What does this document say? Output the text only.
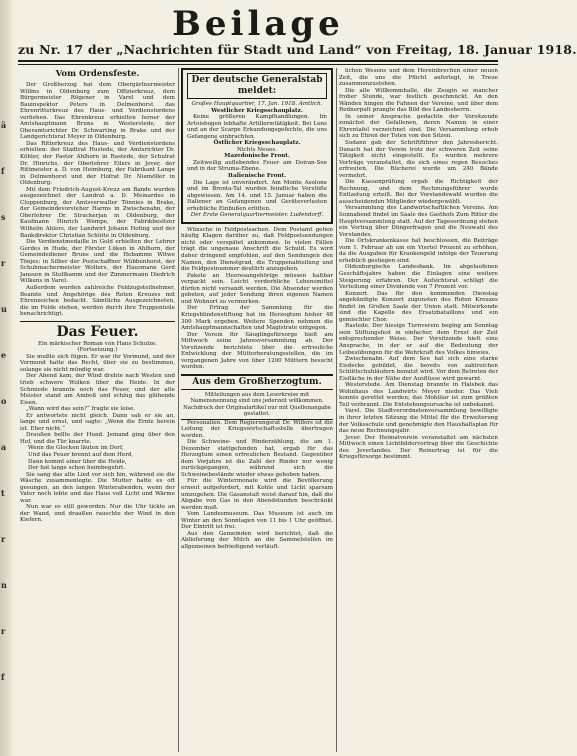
ä
f
s
r
u
e
o
a
t
r
n
r
f
Beilage
zu Nr. 17 der „Nachrichten für Stadt und Land“ von Freitag, 18. Januar 1918.
Vom Ordensfeste.

Der Großherzog hat dem Obergärtnermeister Willms in Oldenburg zum Offizierkreuz, dem Bürgermeister Rögener in Varel und dem Bauinspektor Peters in Delmenhorst das Ehrenritterkreuz des Haus- und Verdienstordens verliehen. Das Ehrenkreuz erhielten ferner der Amtshauptmann Bruns in Westerstede, der Oberamtsrichter Dr. Schwarting in Brake und der Landgerichtsrat Meyer in Oldenburg.

Das Ritterkreuz des Haus- und Verdienstordens erhielten: der Stadtrat Hustede, der Amtsrichter Dr. Köhler, der Pastor Ahlhorn in Rastede, der Schulrat Dr. Hinrichs, der Oberlehrer Eilers in Jever, der Rittmeister a. D. von Heimburg, der Fabrikant Lange in Delmenhorst und der Hofrat Dr. Niemöller in Oldenburg.

Mit dem Friedrich-August-Kreuz am Bande wurden ausgezeichnet der Landrat a. D. Meinardus in Cloppenburg, der Amtsverwalter Tönnies in Brake, der Gemeindevorsteher Harms in Zwischenahn, der Oberlehrer Dr. Strackerjan in Oldenburg, der Kaufmann Hinrich Wempe, der Fabrikbesitzer Wilhelm Ahlers, der Landwirt Johann Hoting und der Bankdirektor Christian Schütte in Oldenburg.

Die Verdienstmedaille in Gold erhielten der Lehrer Gerdes in Hude, der Förster Lüken in Ahlhorn, der Gemeindediener Bruns und die Hebamme Witwe Tönjes; in Silber der Postschaffner Wübbenhorst, der Schuhmachermeister Wolters, der Hausmann Gerd Janssen in Stollhamm und der Zimmermann Diedrich Wilkens in Varel.

Außerdem wurden zahlreiche Feldzugsteilnehmer, Beamte und Angehörige des Roten Kreuzes mit Ehrenzeichen bedacht. Sämtliche Ausgezeichneten, die im Felde stehen, werden durch ihre Truppenteile benachrichtigt.

Das Feuer.

Ein märkischer Roman von Hans Schulze.

(Fortsetzung.)

Sie mußte sich fügen. Er war ihr Vormund, und der Vormund hatte das Recht, über sie zu bestimmen, solange sie nicht mündig war.

Der Abend kam, der Wind drehte nach Westen und trieb schwere Wolken über die Heide. In der Schmiede brannte noch das Feuer, und der alte Meister stand am Amboß und schlug das glühende Eisen.

„Wann wird das sein?“ fragte sie leise.

Er antwortete nicht gleich. Dann sah er sie an, lange und ernst, und sagte: „Wenn die Ernte herein ist. Eher nicht.“

Draußen bellte der Hund. Jemand ging über den Hof, und die Tür knarrte.

Wenn die Glocken läuten im Dorf,

Und das Feuer brennt auf dem Herd,

Dann kommt einer über die Heide,

Der hat lange schon heimbegehrt.

Sie sang das alte Lied vor sich hin, während sie die Wäsche zusammenlegte. Die Mutter hatte es oft gesungen, an den langen Winterabenden, wenn der Vater noch lebte und das Haus voll Licht und Wärme war.

Nun war es still geworden. Nur die Uhr tickte an der Wand, und draußen rauschte der Wind in den Kiefern.

Der deutsche Generalstab meldet:

Großes Hauptquartier, 17. Jan. 1918. Amtlich.

Westlicher Kriegsschauplatz.

Keine größeren Kampfhandlungen. Im Artoisbogen lebhafte Artillerietätigkeit. Bei Lens und an der Scarpe Erkundungsgefechte, die uns Gefangene einbrachten.

Östlicher Kriegsschauplatz.

Nichts Neues.

Mazedonische Front.

Zeitweilig auflebendes Feuer am Doiran-See und in der Struma-Ebene.

Italienische Front.

Die Lage ist unverändert. Am Monte Asolone und im Brenta-Tal wurden feindliche Vorstöße abgewiesen. Am 14. und 15. Januar haben die Italiener an Gefangenen und Geräteverlusten erhebliche Einbußen erlitten.

Der Erste Generalquartiermeister. Ludendorff.

Wünsche in Feldpostsachen. Dem Postamt gehen häufig Klagen darüber zu, daß Feldpostsendungen nicht oder verspätet ankommen. In vielen Fällen trägt die ungenaue Anschrift die Schuld. Es wird daher dringend empfohlen, auf den Sendungen den Namen, den Dienstgrad, die Truppenabteilung und die Feldpostnummer deutlich anzugeben.

Pakete an Heeresangehörige müssen haltbar verpackt sein. Leicht verderbliche Lebensmittel dürfen nicht versandt werden. Die Absender werden gebeten, auf jeder Sendung ihren eigenen Namen und Wohnort zu vermerken.

Der Ertrag der Sammlung für die Kriegsblindenstiftung hat im Herzogtum bisher 48 300 Mark ergeben. Weitere Spenden nehmen die Amtshauptmannschaften und Magistrate entgegen.

Der Verein für Säuglingsfürsorge hielt am Mittwoch seine Jahresversammlung ab. Der Vorsitzende berichtete über die erfreuliche Entwicklung der Mütterberatungsstellen, die im vergangenen Jahre von über 1200 Müttern besucht wurden.

Aus dem Großherzogtum.

Mitteilungen aus dem Leserkreise mit Namensnennung sind uns jederzeit willkommen. Nachdruck der Originalartikel nur mit Quellenangabe gestattet.

Personalien. Dem Regierungsrat Dr. Willers ist die Leitung der Kriegswirtschaftsstelle übertragen worden.

Die Schweine- und Rinderzählung, die am 1. Dezember stattgefunden hat, ergab für das Herzogtum einen erfreulichen Bestand. Gegenüber dem Vorjahre ist die Zahl der Rinder nur wenig zurückgegangen, während sich die Schweinebestände wieder etwas gehoben haben.

Für die Wintermonate wird die Bevölkerung erneut aufgefordert, mit Kohle und Licht sparsam umzugehen. Die Gasanstalt weist darauf hin, daß die Abgabe von Gas in den Abendstunden beschränkt werden muß.

Vom Landesmuseum. Das Museum ist auch im Winter an den Sonntagen von 11 bis 1 Uhr geöffnet. Der Eintritt ist frei.

Aus den Gemeinden wird berichtet, daß die Ablieferung der Milch an die Sammelstellen im allgemeinen befriedigend verläuft.

lichen Wesens und dem Hereinbrechen einer neuen Zeit, die uns die Pflicht auferlegt, in Treue zusammenzustehen.

Die alte Willkommhalle, die Zeugin so mancher froher Stunde, war festlich geschmückt. An den Wänden hingen die Fahnen der Vereine, und über dem Rednerpult prangte das Bild des Landesherrn.

In seiner Ansprache gedachte der Vorsitzende zunächst der Gefallenen, deren Namen in einer Ehrentafel verzeichnet sind. Die Versammlung erhob sich zu Ehren der Toten von den Sitzen.

Sodann gab der Schriftführer den Jahresbericht. Danach hat der Verein trotz der schweren Zeit seine Tätigkeit nicht eingestellt. Es wurden mehrere Vorträge veranstaltet, die sich eines regen Besuches erfreuten. Die Bücherei wurde um 240 Bände vermehrt.

Die Kassenprüfung ergab die Richtigkeit der Rechnung, und dem Rechnungsführer wurde Entlastung erteilt. Bei der Vorstandswahl wurden die ausscheidenden Mitglieder wiedergewählt.

Versammlung des Landwirtschaftlichen Vereins. Am Sonnabend findet im Saale des Gasthofs Zum Ritter die Hauptversammlung statt. Auf der Tagesordnung stehen ein Vortrag über Düngerfragen und die Neuwahl des Vorstandes.

Die Ortskrankenkasse hat beschlossen, die Beiträge vom 1. Februar ab um ein Viertel Prozent zu erhöhen, da die Ausgaben für Krankengeld infolge der Teuerung erheblich gestiegen sind.

Oldenburgische Landesbank. Im abgelaufenen Geschäftsjahre haben die Einlagen eine weitere Steigerung erfahren. Der Aufsichtsrat schlägt die Verteilung einer Dividende von 7 Prozent vor.

Konzert. Das für den kommenden Dienstag angekündigte Konzert zugunsten des Roten Kreuzes findet im Großen Saale der Union statt. Mitwirkende sind die Kapelle des Ersatzbataillons und ein gemischter Chor.

Rastede. Der hiesige Turnverein beging am Sonntag sein Stiftungsfest in einfacher, dem Ernst der Zeit entsprechender Weise. Der Vorsitzende hielt eine Ansprache, in der er auf die Bedeutung der Leibesübungen für die Wehrkraft des Volkes hinwies.

Zwischenahn. Auf dem See hat sich eine starke Eisdecke gebildet, die bereits von zahlreichen Schlittschuhläufern benutzt wird. Vor dem Betreten der Eisfläche in der Nähe der Ausflüsse wird gewarnt.

Westerstede. Am Dienstag brannte in Halsbek das Wohnhaus des Landwirts Meyer nieder. Das Vieh konnte gerettet werden; das Mobiliar ist zum größten Teil verbrannt. Die Entstehungsursache ist unbekannt.

Varel. Die Stadtverordnetenversammlung bewilligte in ihrer letzten Sitzung die Mittel für die Erweiterung der Volksschule und genehmigte den Haushaltsplan für das neue Rechnungsjahr.

Jever. Der Heimatverein veranstaltet am nächsten Mittwoch einen Lichtbildervortrag über die Geschichte des Jeverlandes. Der Reinertrag ist für die Kriegsfürsorge bestimmt.
